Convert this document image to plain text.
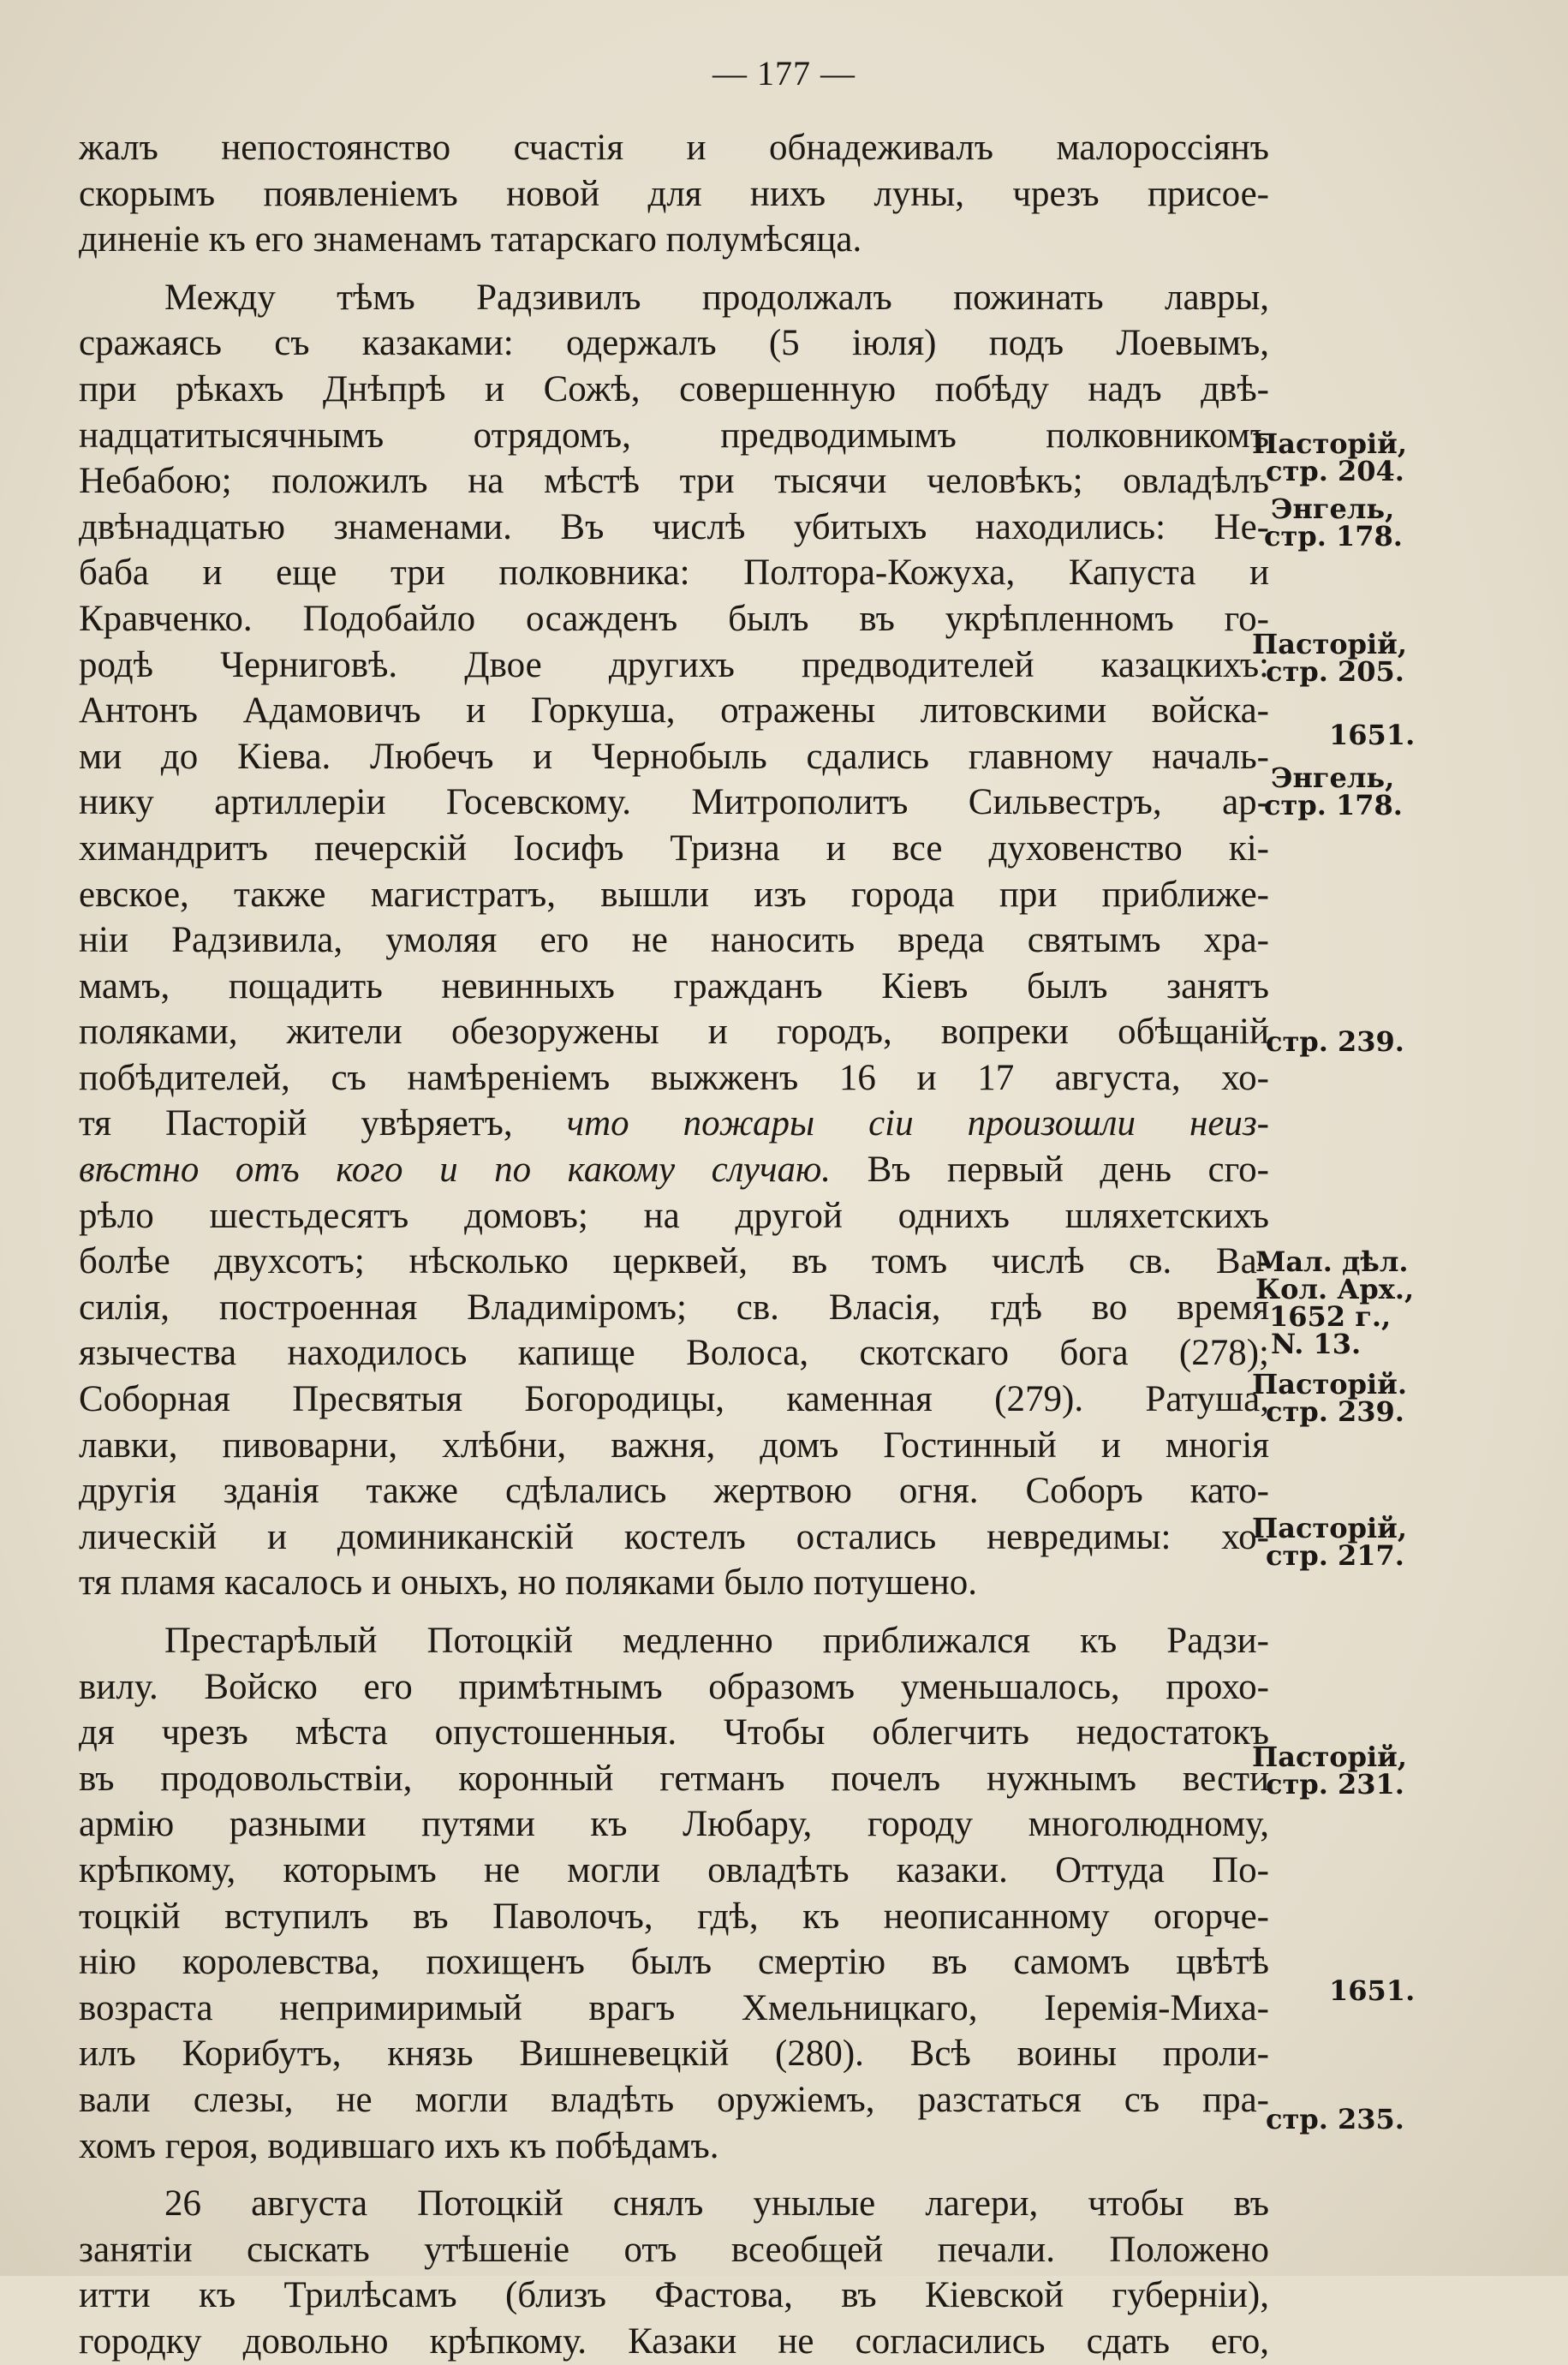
— 177 —
жалъ непостоянство счастія и обнадеживалъ малороссіянъ
скорымъ появленіемъ новой для нихъ луны, чрезъ присое-
диненіе къ его знаменамъ татарскаго полумѣсяца.
Между тѣмъ Радзивилъ продолжалъ пожинать лавры,
сражаясь съ казаками: одержалъ (5 іюля) подъ Лоевымъ,
при рѣкахъ Днѣпрѣ и Сожѣ, совершенную побѣду надъ двѣ-
надцатитысячнымъ отрядомъ, предводимымъ полковникомъ
Небабою; положилъ на мѣстѣ три тысячи человѣкъ; овладѣлъ
двѣнадцатью знаменами. Въ числѣ убитыхъ находились: Не-
баба и еще три полковника: Полтора-Кожуха, Капуста и
Кравченко. Подобайло осажденъ былъ въ укрѣпленномъ го-
родѣ Черниговѣ. Двое другихъ предводителей казацкихъ:
Антонъ Адамовичъ и Горкуша, отражены литовскими войска-
ми до Кіева. Любечъ и Чернобыль сдались главному началь-
нику артиллеріи Госевскому. Митрополитъ Сильвестръ, ар-
химандритъ печерскій Іосифъ Тризна и все духовенство кі-
евское, также магистратъ, вышли изъ города при приближе-
ніи Радзивила, умоляя его не наносить вреда святымъ хра-
мамъ, пощадить невинныхъ гражданъ Кіевъ былъ занятъ
поляками, жители обезоружены и городъ, вопреки обѣщаній
побѣдителей, съ намѣреніемъ выжженъ 16 и 17 августа, хо-
тя Пасторій увѣряетъ, что пожары сіи произошли неиз-
вѣстно отъ кого и по какому случаю. Въ первый день сго-
рѣло шестьдесятъ домовъ; на другой однихъ шляхетскихъ
болѣе двухсотъ; нѣсколько церквей, въ томъ числѣ св. Ва-
силія, построенная Владиміромъ; св. Власія, гдѣ во время
язычества находилось капище Волоса, скотскаго бога (278);
Соборная Пресвятыя Богородицы, каменная (279). Ратуша,
лавки, пивоварни, хлѣбни, важня, домъ Гостинный и многія
другія зданія также сдѣлались жертвою огня. Соборъ като-
лическій и доминиканскій костелъ остались невредимы: хо-
тя пламя касалось и оныхъ, но поляками было потушено.
Престарѣлый Потоцкій медленно приближался къ Радзи-
вилу. Войско его примѣтнымъ образомъ уменьшалось, прохо-
дя чрезъ мѣста опустошенныя. Чтобы облегчить недостатокъ
въ продовольствіи, коронный гетманъ почелъ нужнымъ вести
армію разными путями къ Любару, городу многолюдному,
крѣпкому, которымъ не могли овладѣть казаки. Оттуда По-
тоцкій вступилъ въ Паволочъ, гдѣ, къ неописанному огорче-
нію королевства, похищенъ былъ смертію въ самомъ цвѣтѣ
возраста непримиримый врагъ Хмельницкаго, Іеремія-Миха-
илъ Корибутъ, князь Вишневецкій (280). Всѣ воины проли-
вали слезы, не могли владѣть оружіемъ, разстаться съ пра-
хомъ героя, водившаго ихъ къ побѣдамъ.
26 августа Потоцкій снялъ унылые лагери, чтобы въ
занятіи сыскать утѣшеніе отъ всеобщей печали. Положено
итти къ Трилѣсамъ (близъ Фастова, въ Кіевской губерніи),
городку довольно крѣпкому. Казаки не согласились сдать его,
Пасторій,
стр. 204.
Энгель,
стр. 178.
Пасторій,
стр. 205.
1651.
Энгель,
стр. 178.
стр. 239.
Мал. дѣл.
Кол. Арх.,
1652 г.,
N. 13.
Пасторій.
стр. 239.
Пасторій,
стр. 217.
Пасторій,
стр. 231.
1651.
стр. 235.
